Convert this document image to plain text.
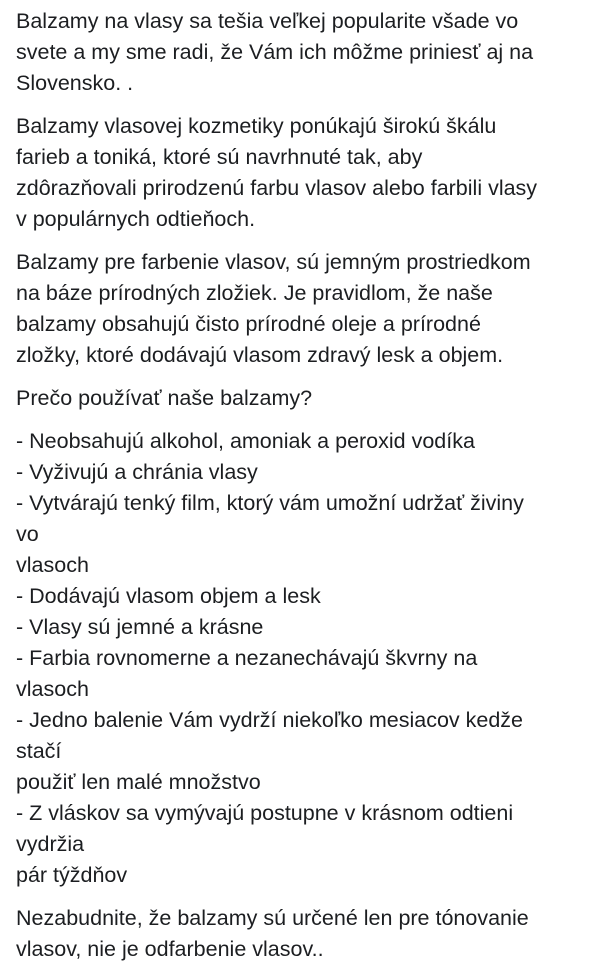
Balzamy na vlasy sa tešia veľkej popularite všade vo
svete a my sme radi, že Vám ich môžme priniesť aj na
Slovensko. .

Balzamy vlasovej kozmetiky ponúkajú širokú škálu
farieb a toniká, ktoré sú navrhnuté tak, aby
zdôrazňovali prirodzenú farbu vlasov alebo farbili vlasy
v populárnych odtieňoch.

Balzamy pre farbenie vlasov, sú jemným prostriedkom
na báze prírodných zložiek. Je pravidlom, že naše
balzamy obsahujú čisto prírodné oleje a prírodné
zložky, ktoré dodávajú vlasom zdravý lesk a objem.

Prečo používať naše balzamy?

- Neobsahujú alkohol, amoniak a peroxid vodíka
- Vyživujú a chránia vlasy
- Vytvárajú tenký film, ktorý vám umožní udržať živiny
vo
vlasoch
- Dodávajú vlasom objem a lesk
- Vlasy sú jemné a krásne
- Farbia rovnomerne a nezanechávajú škvrny na
vlasoch
- Jedno balenie Vám vydrží niekoľko mesiacov kedže
stačí
použiť len malé množstvo
- Z vláskov sa vymývajú postupne v krásnom odtieni
vydržia
pár týždňov

Nezabudnite, že balzamy sú určené len pre tónovanie
vlasov, nie je odfarbenie vlasov..
